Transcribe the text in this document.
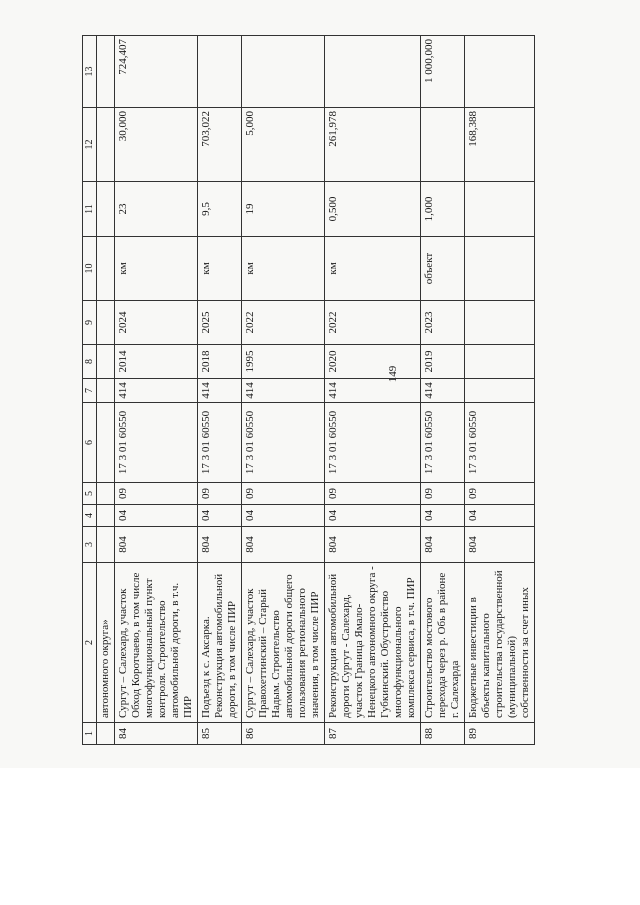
149
1	2	3	4	5	6	7	8	9	10	11	12	13
	автономного округа»											
84	Сургут – Салехард, участок Обход Коротчаево, в том числе многофункциональный пункт контроля. Строительство автомобильной дороги, в т.ч. ПИР	804	04	09	17 3 01 60550	414	2014	2024	км	23	30,000	724,407
85	Подъезд к с. Аксарка. Реконструкция автомобильной дороги, в том числе ПИР	804	04	09	17 3 01 60550	414	2018	2025	км	9,5	703,022	
86	Сургут – Салехард, участок Правохеттинский – Старый Надым. Строительство автомобильной дороги общего пользования регионального значения, в том числе ПИР	804	04	09	17 3 01 60550	414	1995	2022	км	19	5,000	
87	Реконструкция автомобильной дороги Сургут - Салехард, участок Граница Ямало-Ненецкого автономного округа - Губкинский. Обустройство многофункционального комплекса сервиса, в т.ч. ПИР	804	04	09	17 3 01 60550	414	2020	2022	км	0,500	261,978	
88	Строительство мостового перехода через р. Обь в районе г. Салехарда	804	04	09	17 3 01 60550	414	2019	2023	объект	1,000		1 000,000
89	Бюджетные инвестиции в объекты капитального строительства государственной (муниципальной) собственности за счет иных	804	04	09	17 3 01 60550						168,388	
